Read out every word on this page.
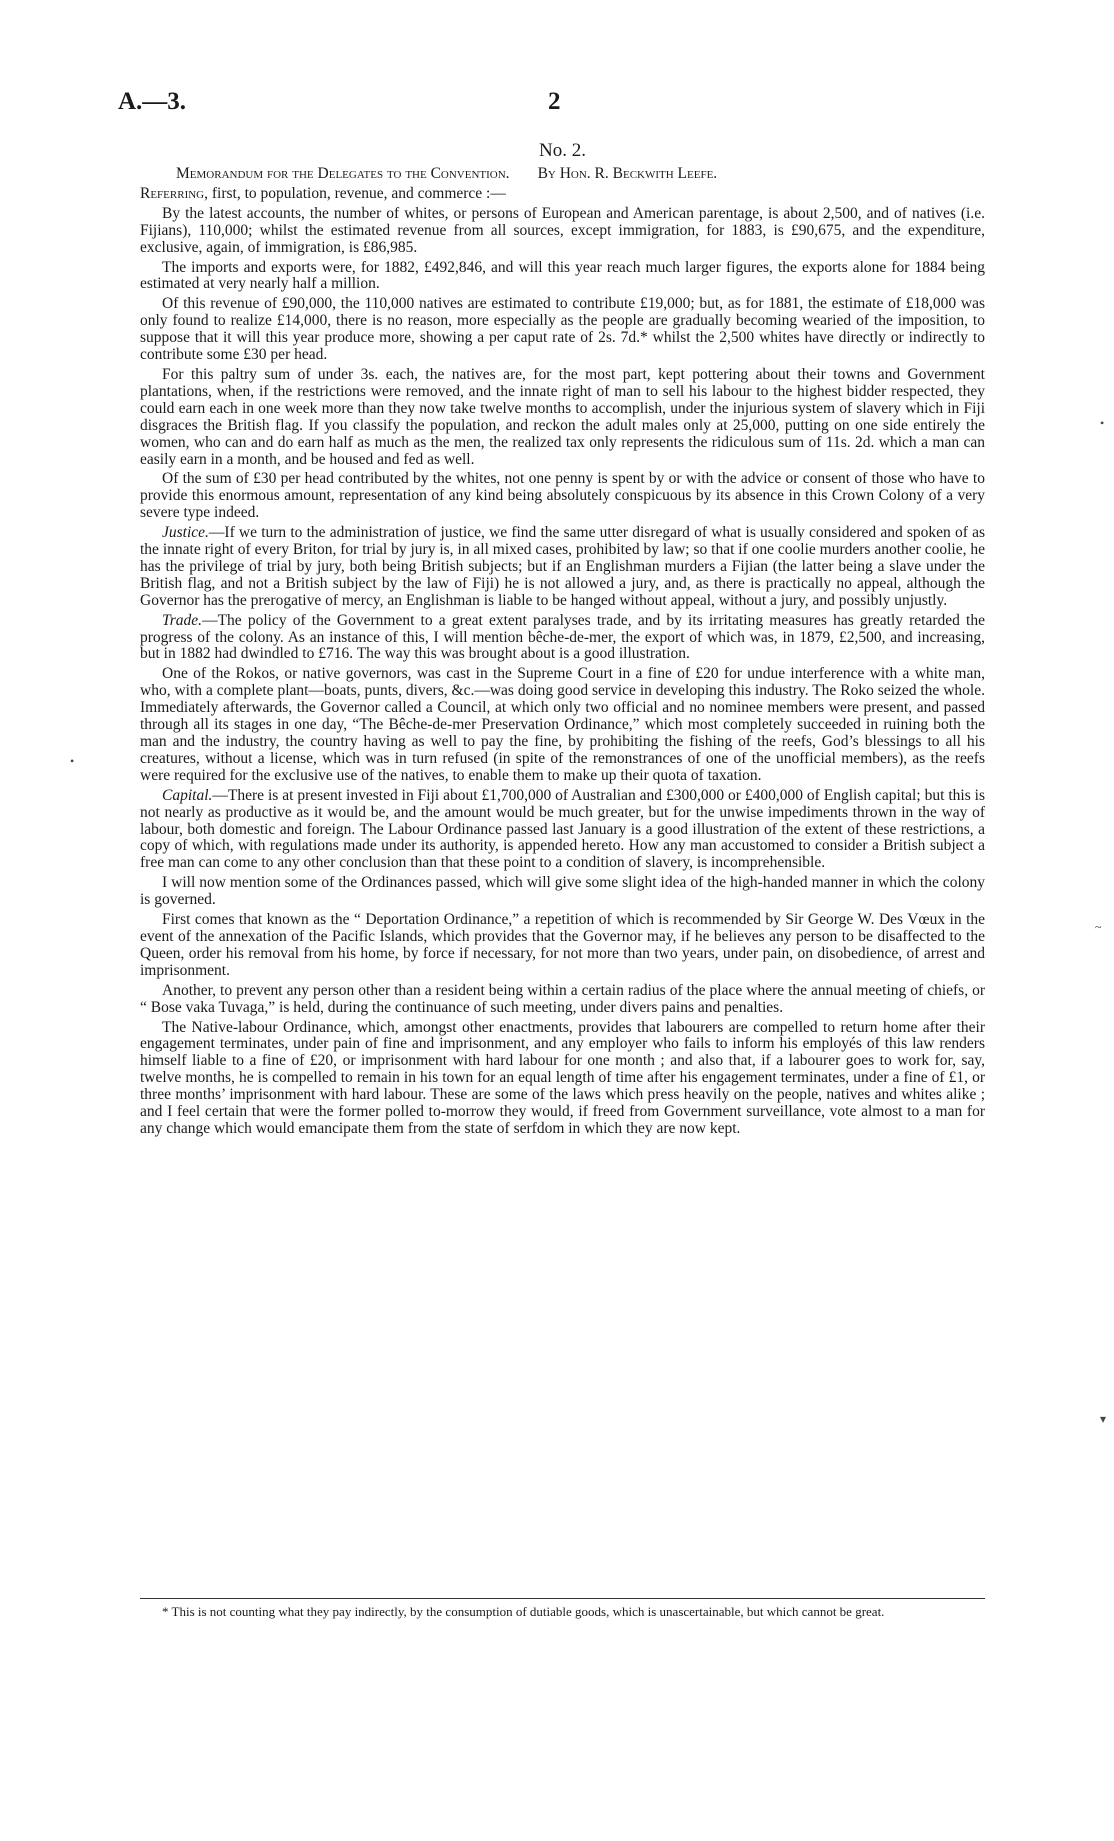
A.—3.	2
No. 2.
Memorandum for the Delegates to the Convention. By Hon. R. Beckwith Leefe.

Referring, first, to population, revenue, and commerce :—

By the latest accounts, the number of whites, or persons of European and American parentage, is about 2,500, and of natives (i.e. Fijians), 110,000; whilst the estimated revenue from all sources, except immigration, for 1883, is £90,675, and the expenditure, exclusive, again, of immigration, is £86,985.

The imports and exports were, for 1882, £492,846, and will this year reach much larger figures, the exports alone for 1884 being estimated at very nearly half a million.

Of this revenue of £90,000, the 110,000 natives are estimated to contribute £19,000; but, as for 1881, the estimate of £18,000 was only found to realize £14,000, there is no reason, more especially as the people are gradually becoming wearied of the imposition, to suppose that it will this year produce more, showing a per caput rate of 2s. 7d.* whilst the 2,500 whites have directly or indirectly to contribute some £30 per head.

For this paltry sum of under 3s. each, the natives are, for the most part, kept pottering about their towns and Government plantations, when, if the restrictions were removed, and the innate right of man to sell his labour to the highest bidder respected, they could earn each in one week more than they now take twelve months to accomplish, under the injurious system of slavery which in Fiji disgraces the British flag. If you classify the population, and reckon the adult males only at 25,000, putting on one side entirely the women, who can and do earn half as much as the men, the realized tax only represents the ridiculous sum of 11s. 2d. which a man can easily earn in a month, and be housed and fed as well.

Of the sum of £30 per head contributed by the whites, not one penny is spent by or with the advice or consent of those who have to provide this enormous amount, representation of any kind being absolutely conspicuous by its absence in this Crown Colony of a very severe type indeed.

Justice.—If we turn to the administration of justice, we find the same utter disregard of what is usually considered and spoken of as the innate right of every Briton, for trial by jury is, in all mixed cases, prohibited by law; so that if one coolie murders another coolie, he has the privilege of trial by jury, both being British subjects; but if an Englishman murders a Fijian (the latter being a slave under the British flag, and not a British subject by the law of Fiji) he is not allowed a jury, and, as there is practically no appeal, although the Governor has the prerogative of mercy, an Englishman is liable to be hanged without appeal, without a jury, and possibly unjustly.

Trade.—The policy of the Government to a great extent paralyses trade, and by its irritating measures has greatly retarded the progress of the colony. As an instance of this, I will mention bêche-de-mer, the export of which was, in 1879, £2,500, and increasing, but in 1882 had dwindled to £716. The way this was brought about is a good illustration.

One of the Rokos, or native governors, was cast in the Supreme Court in a fine of £20 for undue interference with a white man, who, with a complete plant—boats, punts, divers, &c.—was doing good service in developing this industry. The Roko seized the whole. Immediately afterwards, the Governor called a Council, at which only two official and no nominee members were present, and passed through all its stages in one day, “The Bêche-de-mer Preservation Ordinance,” which most completely succeeded in ruining both the man and the industry, the country having as well to pay the fine, by prohibiting the fishing of the reefs, God’s blessings to all his creatures, without a license, which was in turn refused (in spite of the remonstrances of one of the unofficial members), as the reefs were required for the exclusive use of the natives, to enable them to make up their quota of taxation.

Capital.—There is at present invested in Fiji about £1,700,000 of Australian and £300,000 or £400,000 of English capital; but this is not nearly as productive as it would be, and the amount would be much greater, but for the unwise impediments thrown in the way of labour, both domestic and foreign. The Labour Ordinance passed last January is a good illustration of the extent of these restrictions, a copy of which, with regulations made under its authority, is appended hereto. How any man accustomed to consider a British subject a free man can come to any other conclusion than that these point to a condition of slavery, is incomprehensible.

I will now mention some of the Ordinances passed, which will give some slight idea of the high-handed manner in which the colony is governed.

First comes that known as the “ Deportation Ordinance,” a repetition of which is recommended by Sir George W. Des Vœux in the event of the annexation of the Pacific Islands, which provides that the Governor may, if he believes any person to be disaffected to the Queen, order his removal from his home, by force if necessary, for not more than two years, under pain, on disobedience, of arrest and imprisonment.

Another, to prevent any person other than a resident being within a certain radius of the place where the annual meeting of chiefs, or “ Bose vaka Tuvaga,” is held, during the continuance of such meeting, under divers pains and penalties.

The Native-labour Ordinance, which, amongst other enactments, provides that labourers are compelled to return home after their engagement terminates, under pain of fine and imprisonment, and any employer who fails to inform his employés of this law renders himself liable to a fine of £20, or imprisonment with hard labour for one month ; and also that, if a labourer goes to work for, say, twelve months, he is compelled to remain in his town for an equal length of time after his engagement terminates, under a fine of £1, or three months’ imprisonment with hard labour. These are some of the laws which press heavily on the people, natives and whites alike ; and I feel certain that were the former polled to-morrow they would, if freed from Government surveillance, vote almost to a man for any change which would emancipate them from the state of serfdom in which they are now kept.

* This is not counting what they pay indirectly, by the consumption of dutiable goods, which is unascertainable, but which cannot be great.
•
•
~
▾
